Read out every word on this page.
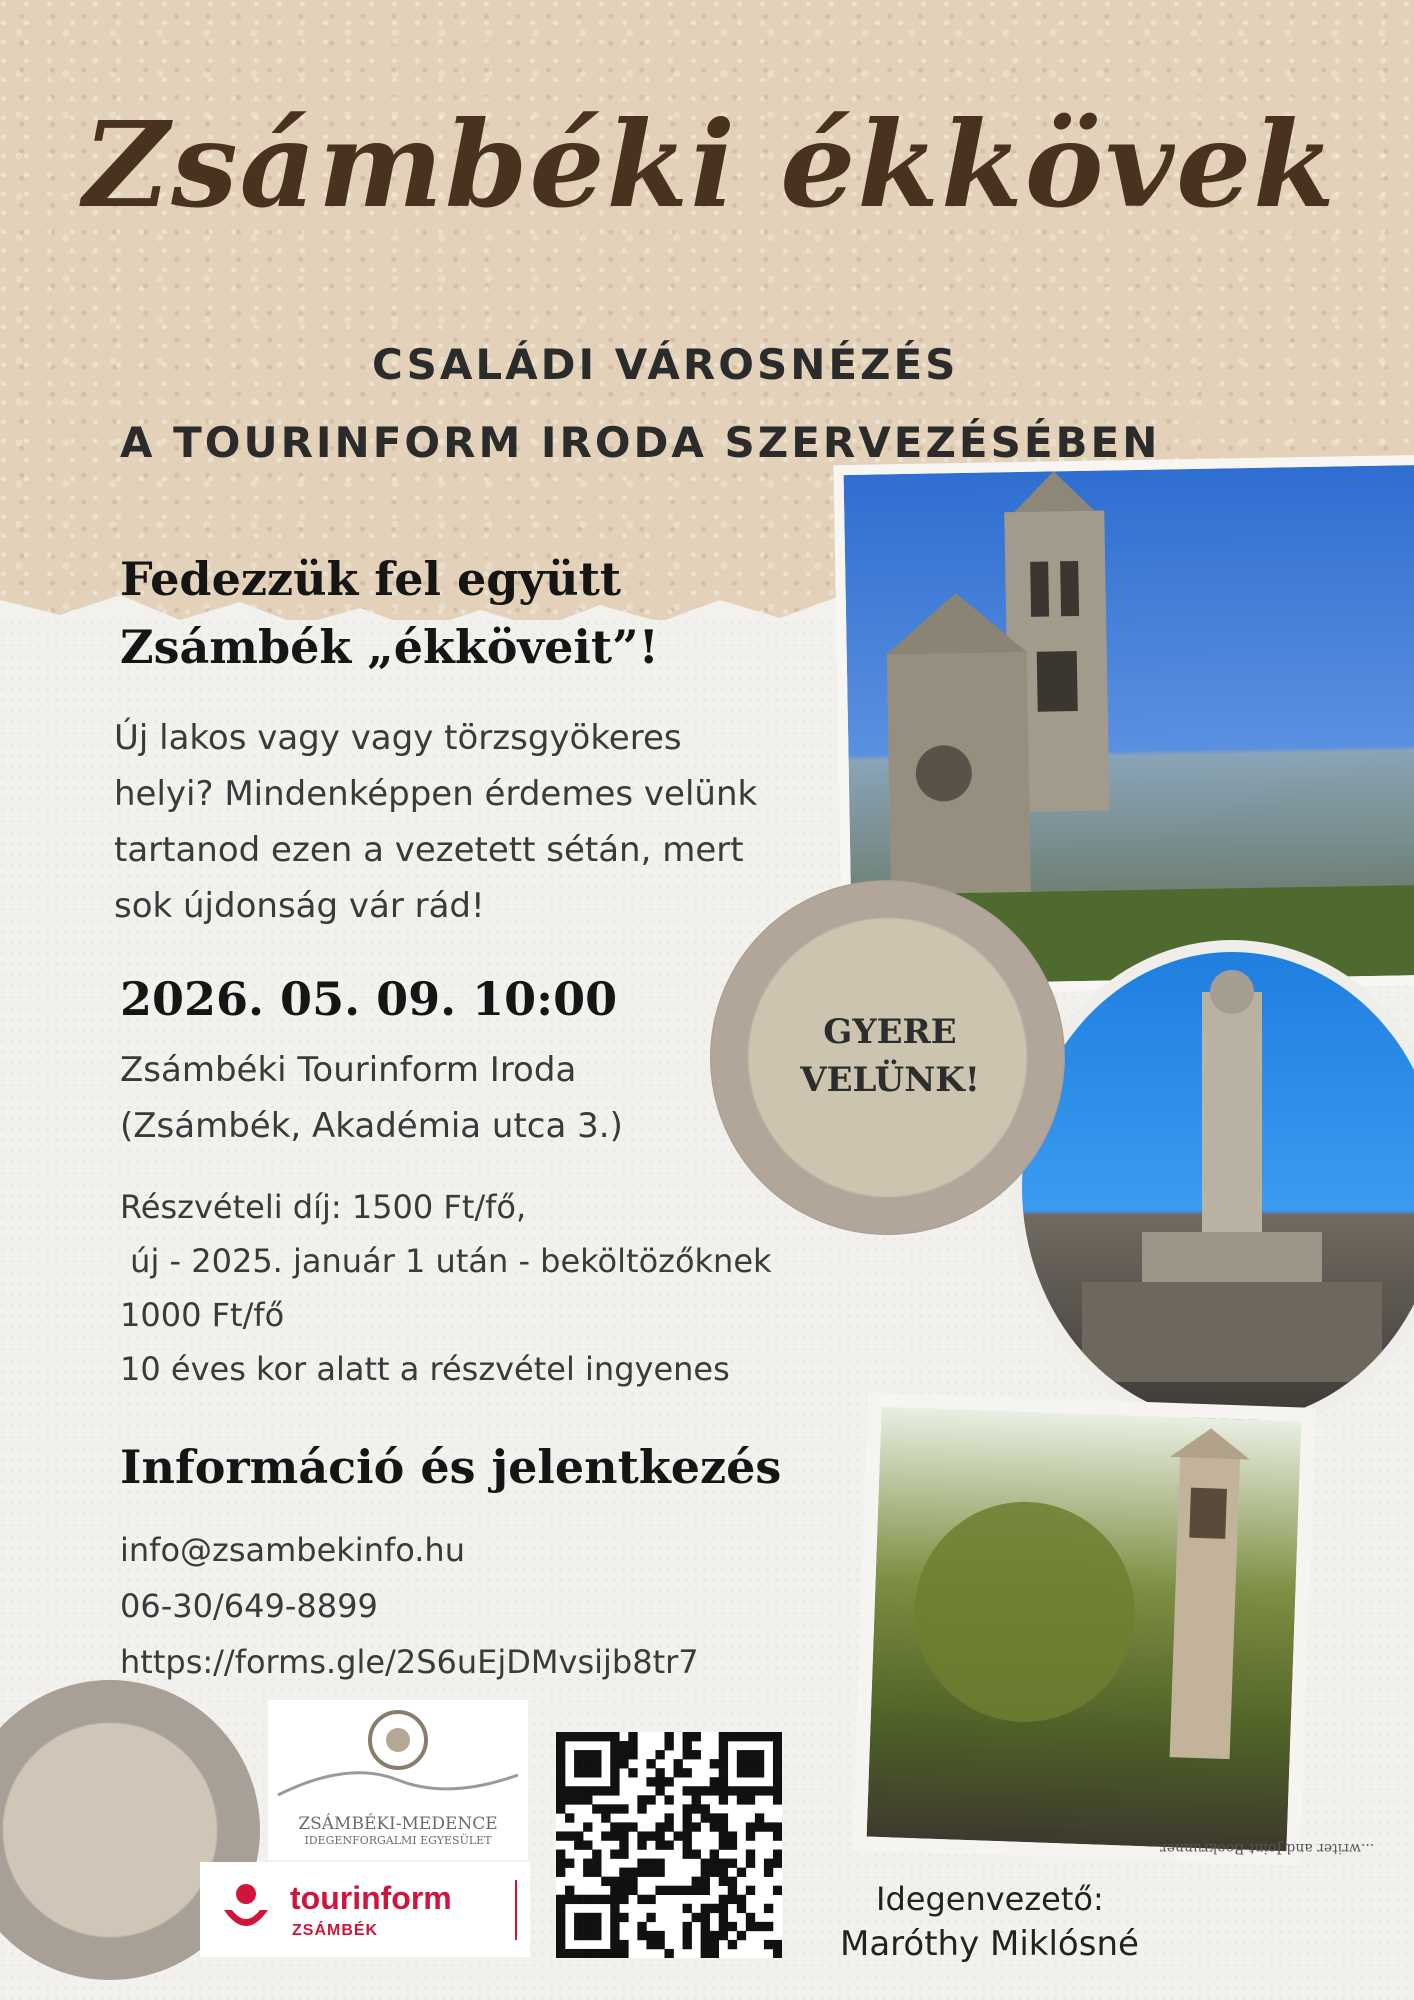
Zsámbéki ékkövek
CSALÁDI VÁROSNÉZÉS
A TOURINFORM IRODA SZERVEZÉSÉBEN
...writer and Joint Bookrunner
GYERE
VELÜNK!
Fedezzük fel együtt
Zsámbék „ékköveit”!
Új lakos vagy vagy törzsgyökeres
helyi? Mindenképpen érdemes velünk
tartanod ezen a vezetett sétán, mert
sok újdonság vár rád!
2026. 05. 09. 10:00
Zsámbéki Tourinform Iroda
(Zsámbék, Akadémia utca 3.)
Részvételi díj: 1500 Ft/fő,
új - 2025. január 1 után - beköltözőknek
1000 Ft/fő
10 éves kor alatt a részvétel ingyenes
Információ és jelentkezés
info@zsambekinfo.hu
06-30/649-8899
https://forms.gle/2S6uEjDMvsijb8tr7
ZSÁMBÉKI-MEDENCE
IDEGENFORGALMI EGYESÜLET
tourinform
ZSÁMBÉK
Idegenvezető:
Maróthy Miklósné
